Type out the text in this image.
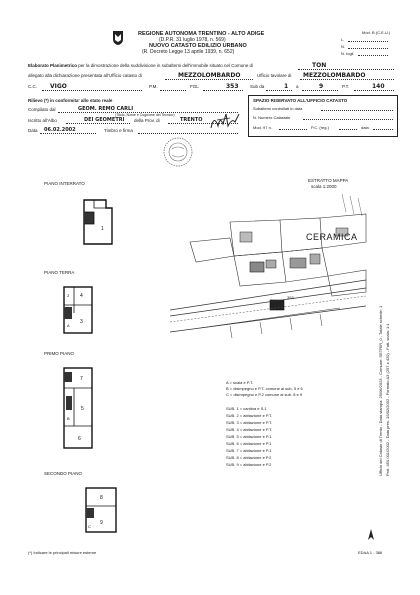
REGIONE AUTONOMA TRENTINO - ALTO ADIGE
(D.P.R. 31 luglio 1978, n. 569)
NUOVO CATASTO EDILIZIO URBANO
(R. Decreto Legge 13 aprile 1939, n. 652)
Mod. B (C.E.U.)
L.
N.
N. fogli
Elaborato Planimetrico per la dimostrazione della suddivisione in subalterni dell'immobile situato nel Comune di	TON
allegato alla dichiarazione presentata all'Ufficio catasto di	MEZZOLOMBARDO	Ufficio tavolare di MEZZOLOMBARDO
C.C. VIGO	P.M.	FGL	353	Sub da	1 a	9	P.T.	140
Rilievo (*) in conformita' allo stato reale
Compilato dal	GEOM. REMO CARLI
(Titolo, Nome e Cognome del Tecnico)
Iscritto all'Albo	DEI GEOMETRI della Prov. di	TRENTO
Data 06.02.2002	Timbro e firma
SPAZIO RISERVATO ALL'UFFICIO CATASTO
Subalterni controllati in data
N. Numero Catastale
Mod. 97 n.	P.C. (reg.)	data
PIANO INTERRATO
1
PIANO TERRA
4
2
3
A
PRIMO PIANO
7
5
B
6
SECONDO PIANO
8
9
C
ESTRATTO MAPPA
scala 1:2000
CERAMICA
353
A = scala e P.T.
B = disimpegno e P.T. comune ai sub. 5 e 6
C = disimpegno e P.2 comune ai sub. 8 e 9
SUB. 1 = cantina e S.1
SUB. 2 = abitazione e P.T.
SUB. 3 = abitazione e P.T.
SUB. 4 = abitazione e P.T.
SUB. 5 = abitazione e P.1
SUB. 6 = abitazione e P.1
SUB. 7 = abitazione e P.1
SUB. 8 = abitazione e P.2
SUB. 9 = abitazione e P.2	Ufficio del Catasto di Trento - Data stampa: 25/06/2023 - Comune: SETRIR_0 - Totale schede: 1 Prot. 450.001/2002 - Data pres. 15/02/2002 - Formato A3 (297 x 420) - Fatt. scala: 1:1
(*) Indicare le principali misure esterne	EDAA 1 - 386
